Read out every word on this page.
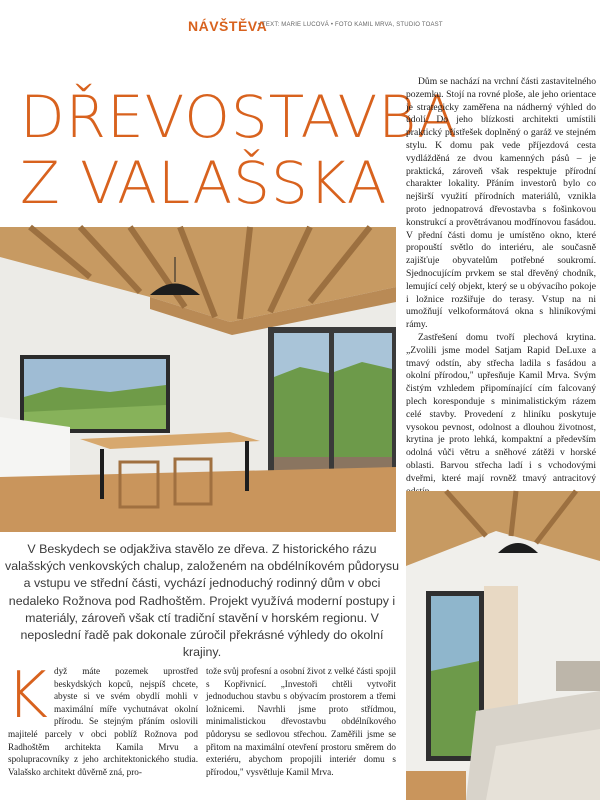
NÁVŠTĚVA
• TEXT: MARIE LUCOVÁ • FOTO KAMIL MRVA, STUDIO TOAST
DŘEVOSTAVBA
Z VALAŠSKA

Dům se nachází na vrchní části zastavitelného pozemku. Stojí na rovné ploše, ale jeho orientace je strategicky zaměřena na nádherný výhled do údolí. Do jeho blízkosti architekti umístili praktický přístřešek doplněný o garáž ve stejném stylu. K domu pak vede příjezdová cesta vydlážděná ze dvou kamenných pásů – je praktická, zároveň však respektuje přírodní charakter lokality. Přáním investorů bylo co nejširší využití přírodních materiálů, vznikla proto jednopatrová dřevostavba s fošinkovou konstrukcí a provětrávanou modřínovou fasádou. V přední části domu je umístěno okno, které propouští světlo do interiéru, ale současně zajišťuje obyvatelům potřebné soukromí. Sjednocujícím prvkem se stal dřevěný chodník, lemující celý objekt, který se u obývacího pokoje i ložnice rozšiřuje do terasy. Vstup na ni umožňují velkoformátová okna s hliníkovými rámy.

Zastřešení domu tvoří plechová krytina. „Zvolili jsme model Satjam Rapid DeLuxe a tmavý odstín, aby střecha ladila s fasádou a okolní přírodou," upřesňuje Kamil Mrva. Svým čistým vzhledem připomínající cím falcovaný plech koresponduje s minimalistickým rázem celé stavby. Provedení z hliníku poskytuje vysokou pevnost, odolnost a dlouhou životnost, krytina je proto lehká, kompaktní a především odolná vůči větru a sněhové zátěži v horské oblasti. Barvou střecha ladí i s vchodovými dveřmi, které mají rovněž tmavý antracitový

V Beskydech se odjakživa stavělo ze dřeva. Z historického rázu valašských venkovských chalup, založeném na obdélníkovém půdorysu a vstupu ve střední části, vychází jednoduchý rodinný dům v obci nedaleko Rožnova pod Radhoštěm. Projekt využívá moderní postupy i materiály, zároveň však ctí tradiční stavění v horském regionu. V neposlední řadě pak dokonale zúročil překrásné výhledy do okolní krajiny.
K dyž máte pozemek uprostřed beskydských kopců, nejspíš chcete, abyste si ve svém obydlí mohli v maximální míře vychutnávat okolní přírodu. Se stejným přáním oslovili majitelé parcely v obci poblíž Rožnova pod Radhoštěm architekta Kamila Mrvu a spolupracovníky z jeho architektonického studia. Valašsko architekt důvěrně zná, pro-

tože svůj profesní a osobní život z velké části spojil s Kopřivnicí. „Investoři chtěli vytvořit jednoduchou stavbu s obývacím prostorem a třemi ložnicemi. Navrhli jsme proto střídmou, minimalistickou dřevostavbu obdélníkového půdorysu se sedlovou střechou. Zaměřili jsme se přitom na maximální otevření prostoru směrem do exteriéru, abychom propojili interiér domu s přírodou," vysvětluje Kamil Mrva.
